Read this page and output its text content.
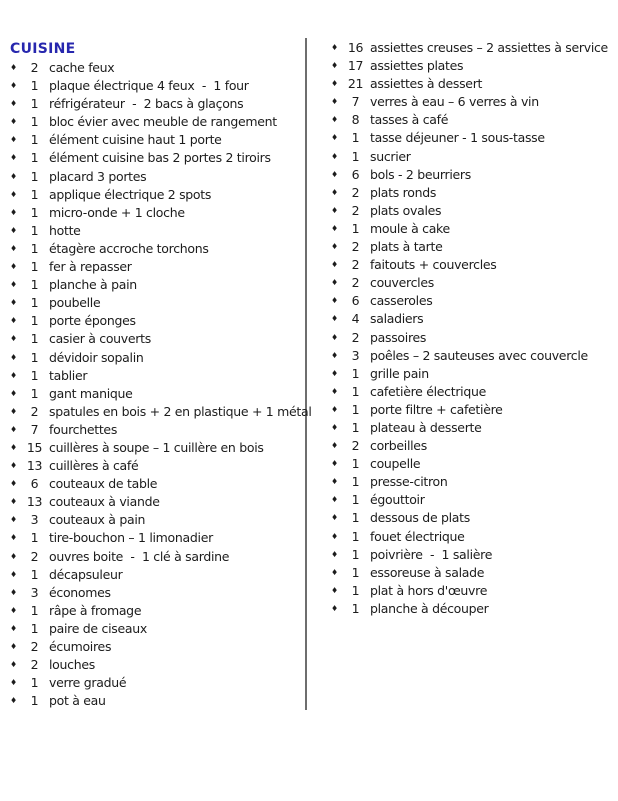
CUISINE
♦	2 cache feux
♦	1 plaque électrique 4 feux  -  1 four
♦	1 réfrigérateur  -  2 bacs à glaçons
♦	1 bloc évier avec meuble de rangement
♦	1 élément cuisine haut 1 porte
♦	1 élément cuisine bas 2 portes 2 tiroirs
♦	1 placard 3 portes
♦	1 applique électrique 2 spots
♦	1 micro-onde + 1 cloche
♦	1 hotte
♦	1 étagère accroche torchons
♦	1 fer à repasser
♦	1 planche à pain
♦	1 poubelle
♦	1 porte éponges
♦	1 casier à couverts
♦	1 dévidoir sopalin
♦	1 tablier
♦	1 gant manique
♦	2 spatules en bois + 2 en plastique + 1 métal
♦	7 fourchettes
♦ 15 cuillères à soupe – 1 cuillère en bois
♦ 13 cuillères à café
♦	6 couteaux de table
♦ 13 couteaux à viande
♦	3 couteaux à pain
♦	1 tire-bouchon – 1 limonadier
♦	2 ouvres boite  -  1 clé à sardine
♦	1 décapsuleur
♦	3 économes
♦	1 râpe à fromage
♦	1 paire de ciseaux
♦	2 écumoires
♦	2 louches
♦	1 verre gradué
♦	1 pot à eau
♦ 16 assiettes creuses – 2 assiettes à service
♦ 17 assiettes plates
♦ 21 assiettes à dessert
♦	7 verres à eau – 6 verres à vin
♦	8 tasses à café
♦	1 tasse déjeuner - 1 sous-tasse
♦	1 sucrier
♦	6 bols - 2 beurriers
♦	2 plats ronds
♦	2 plats ovales
♦	1 moule à cake
♦	2 plats à tarte
♦	2 faitouts + couvercles
♦	2 couvercles
♦	6 casseroles
♦	4 saladiers
♦	2 passoires
♦	3 poêles – 2 sauteuses avec couvercle
♦	1 grille pain
♦	1 cafetière électrique
♦	1 porte filtre + cafetière
♦	1 plateau à desserte
♦	2 corbeilles
♦	1 coupelle
♦	1 presse-citron
♦	1 égouttoir
♦	1 dessous de plats
♦	1 fouet électrique
♦	1 poivrière  -  1 salière
♦	1 essoreuse à salade
♦	1 plat à hors d'œuvre
♦	1 planche à découper
